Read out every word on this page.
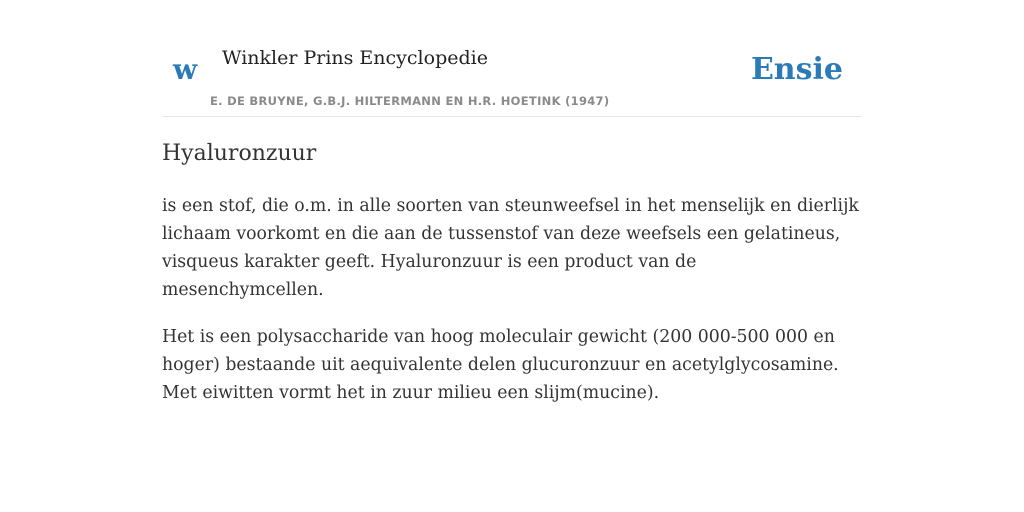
w Winkler Prins Encyclopedie
E. DE BRUYNE, G.B.J. HILTERMANN EN H.R. HOETINK (1947)
Ensie
Hyaluronzuur

is een stof, die o.m. in alle soorten van steunweefsel in het menselijk en dierlijk lichaam voorkomt en die aan de tussenstof van deze weefsels een gelatineus, visqueus karakter geeft. Hyaluronzuur is een product van de mesenchymcellen.

Het is een polysaccharide van hoog moleculair gewicht (200 000-500 000 en hoger) bestaande uit aequivalente delen glucuronzuur en acetylglycosamine. Met eiwitten vormt het in zuur milieu een slijm(mucine).
